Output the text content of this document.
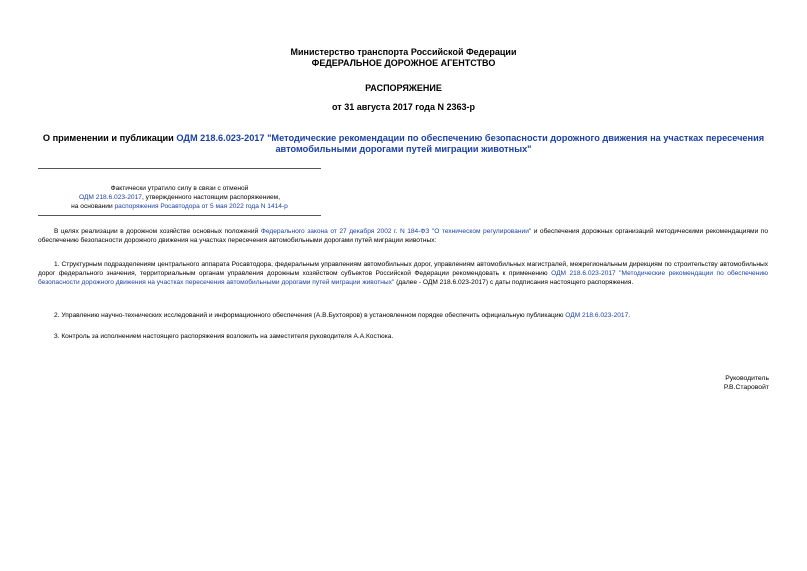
Министерство транспорта Российской Федерации
ФЕДЕРАЛЬНОЕ ДОРОЖНОЕ АГЕНТСТВО
РАСПОРЯЖЕНИЕ
от 31 августа 2017 года N 2363-р
О применении и публикации ОДМ 218.6.023-2017 "Методические рекомендации по обеспечению безопасности дорожного движения на участках пересечения автомобильными дорогами путей миграции животных"
Фактически утратило силу в связи с отменой
ОДМ 218.6.023-2017, утвержденного настоящим распоряжением,
на основании распоряжения Росавтодора от 5 мая 2022 года N 1414-р
В целях реализации в дорожном хозяйстве основных положений Федерального закона от 27 декабря 2002 г. N 184-ФЗ "О техническом регулировании" и обеспечения дорожных организаций методическими рекомендациями по обеспечению безопасности дорожного движения на участках пересечения автомобильными дорогами путей миграции животных:
1. Структурным подразделениям центрального аппарата Росавтодора, федеральным управлениям автомобильных дорог, управлениям автомобильных магистралей, межрегиональным дирекциям по строительству автомобильных дорог федерального значения, территориальным органам управления дорожным хозяйством субъектов Российской Федерации рекомендовать к применению ОДМ 218.6.023-2017 "Методические рекомендации по обеспечению безопасности дорожного движения на участках пересечения автомобильными дорогами путей миграции животных" (далее - ОДМ 218.6.023-2017) с даты подписания настоящего распоряжения.
2. Управлению научно-технических исследований и информационного обеспечения (А.В.Бухтояров) в установленном порядке обеспечить официальную публикацию ОДМ 218.6.023-2017.
3. Контроль за исполнением настоящего распоряжения возложить на заместителя руководителя А.А.Костюка.
Руководитель
Р.В.Старовойт
